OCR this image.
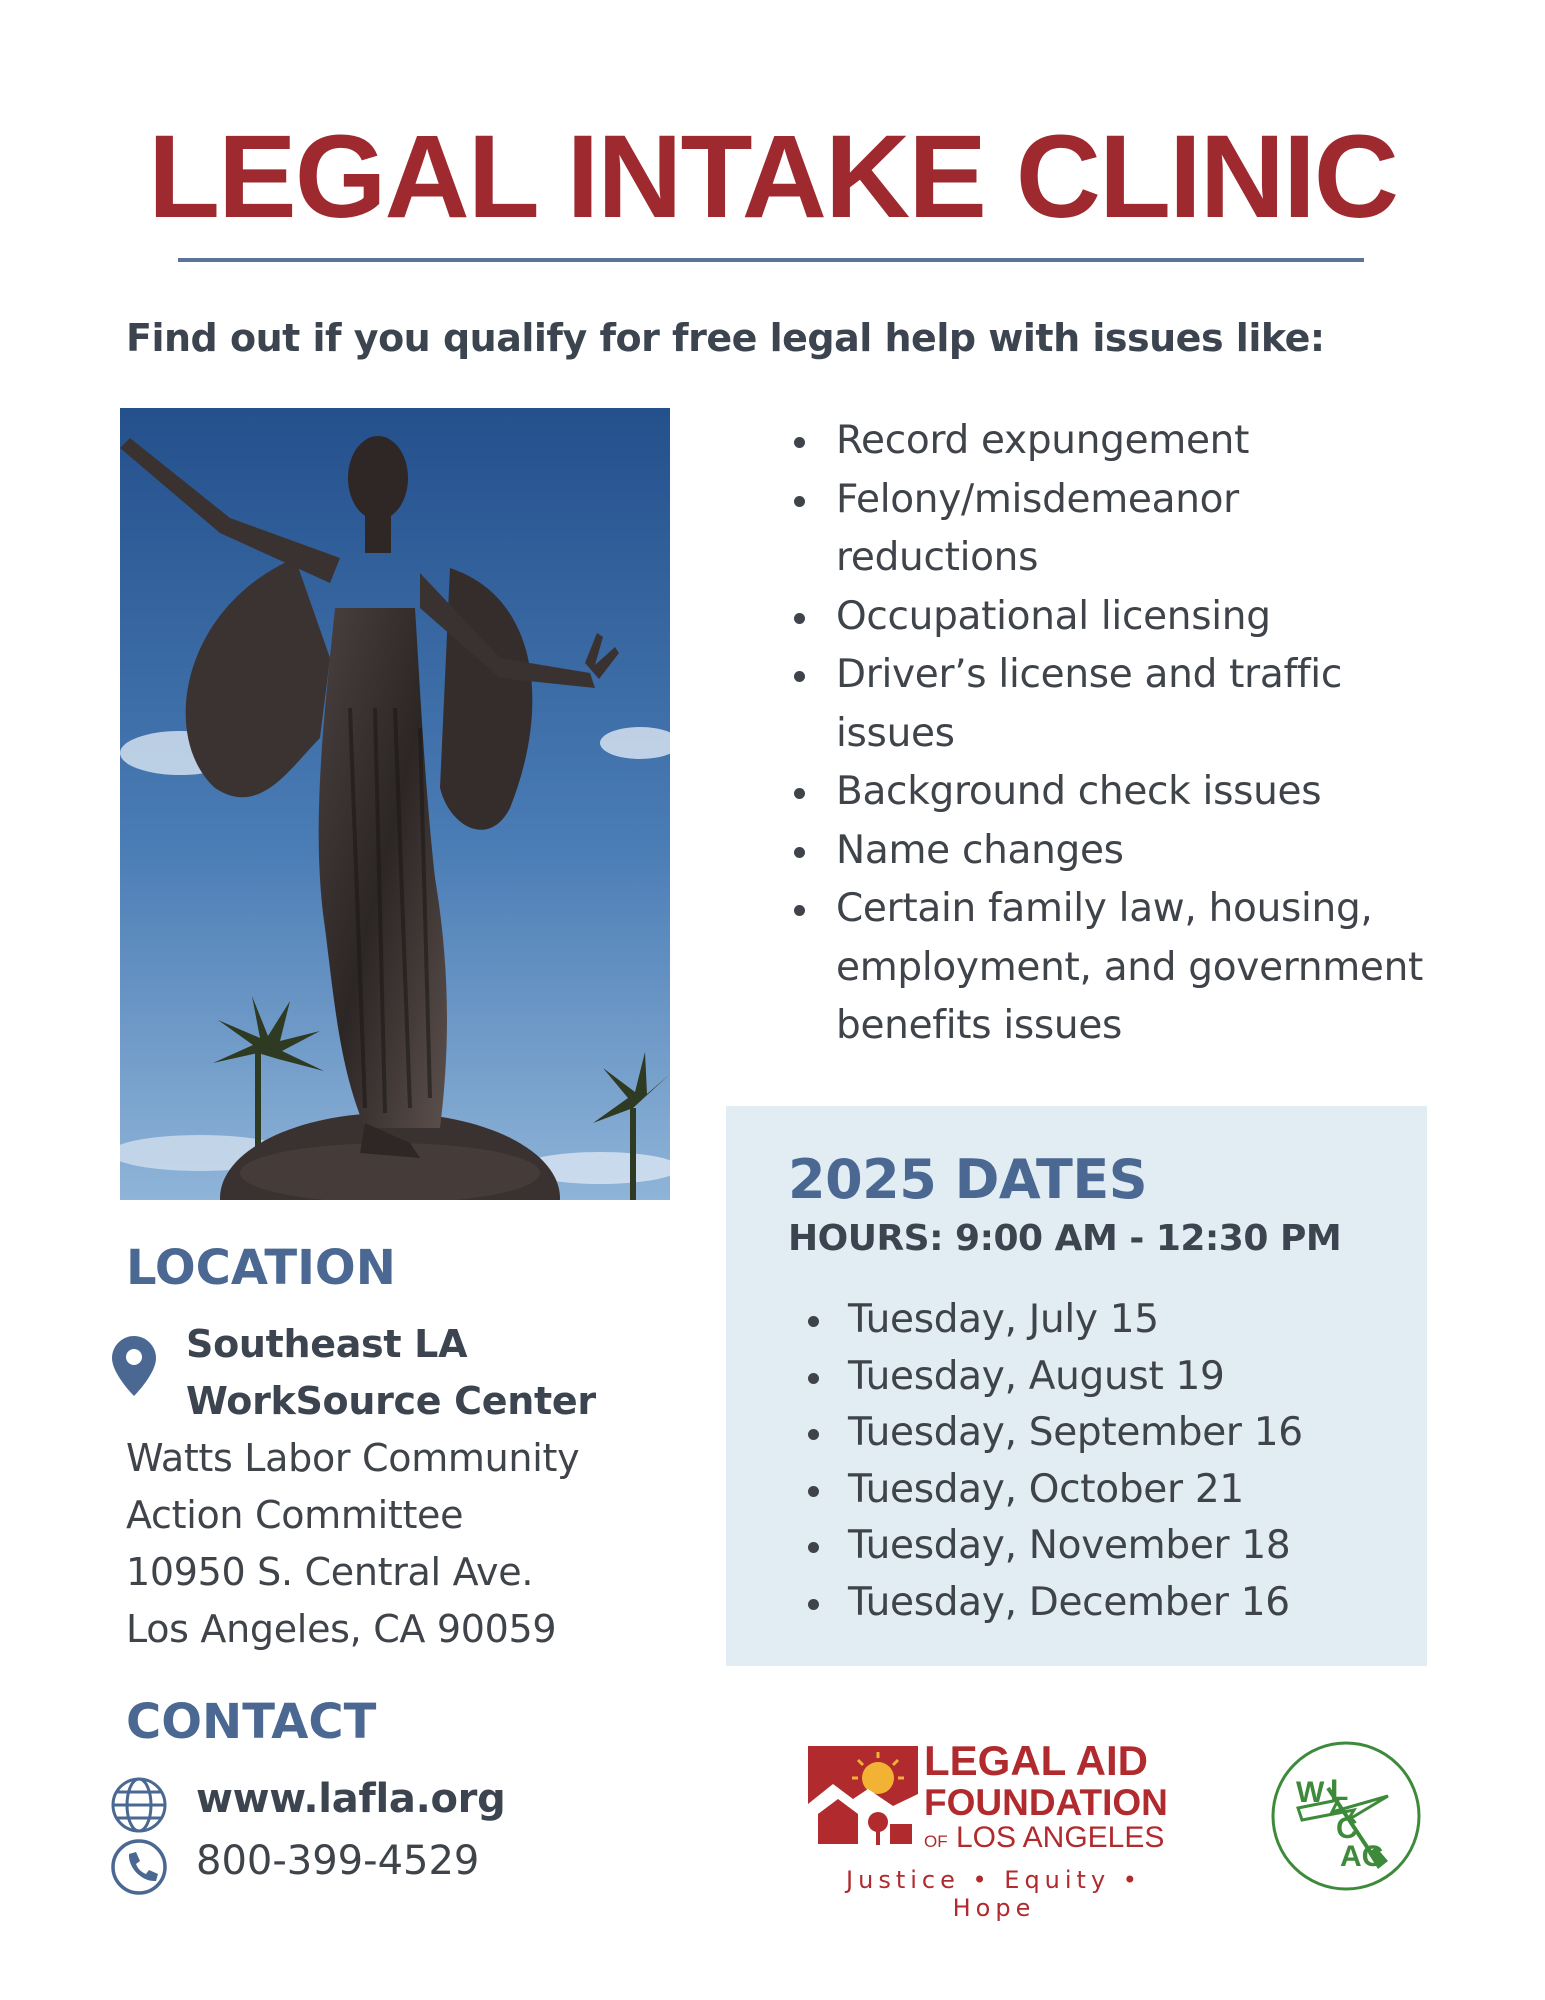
LEGAL INTAKE CLINIC

Find out if you qualify for free legal help with issues like:

Record expungement
Felony/misdemeanor reductions
Occupational licensing
Driver’s license and traffic issues
Background check issues
Name changes
Certain family law, housing, employment, and government benefits issues
2025 DATES
HOURS: 9:00 AM - 12:30 PM
Tuesday, July 15
Tuesday, August 19
Tuesday, September 16
Tuesday, October 21
Tuesday, November 18
Tuesday, December 16
LOCATION
Southeast LA
WorkSource Center
Watts Labor Community
Action Committee
10950 S. Central Ave.
Los Angeles, CA 90059
CONTACT
www.lafla.org
800-399-4529
LEGAL AID
FOUNDATION
OF LOS ANGELES
Justice • Equity • Hope
W L
C
AC
